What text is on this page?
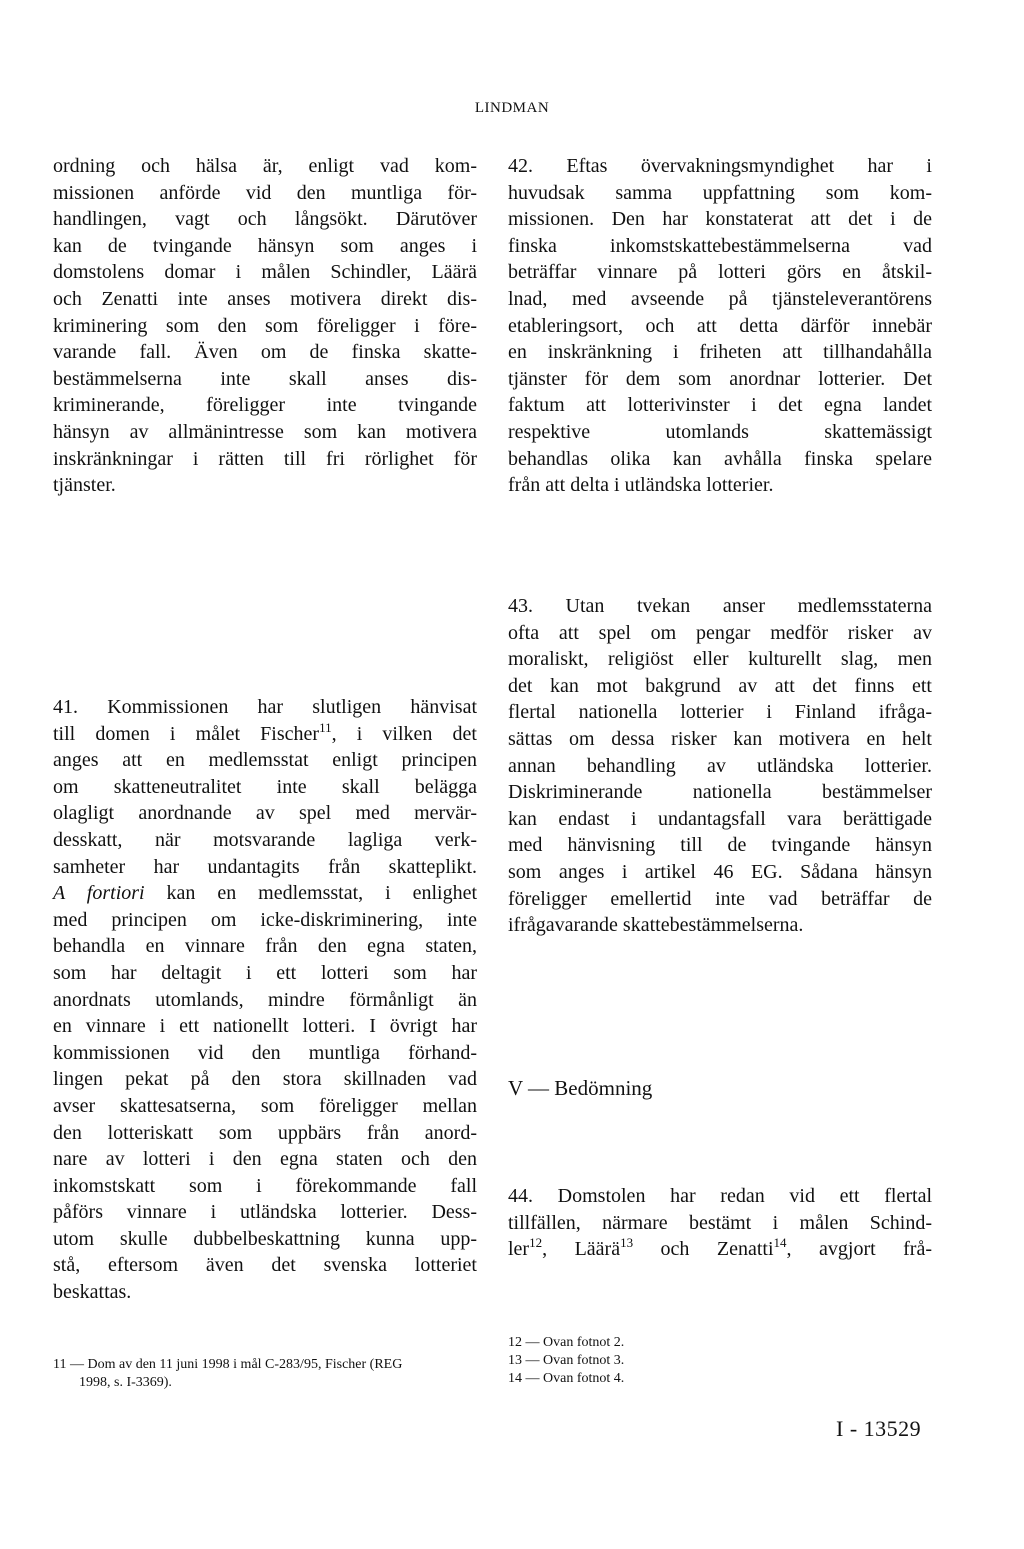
LINDMAN
ordning och hälsa är, enligt vad kom-
missionen anförde vid den muntliga för-
handlingen, vagt och långsökt. Därutöver
kan de tvingande hänsyn som anges i
domstolens domar i målen Schindler, Läärä
och Zenatti inte anses motivera direkt dis-
kriminering som den som föreligger i före-
varande fall. Även om de finska skatte-
bestämmelserna inte skall anses dis-
kriminerande, föreligger inte tvingande
hänsyn av allmänintresse som kan motivera
inskränkningar i rätten till fri rörlighet för
tjänster.
41. Kommissionen har slutligen hänvisat
till domen i målet Fischer$^{11}$, i vilken det
anges att en medlemsstat enligt principen
om skatteneutralitet inte skall belägga
olagligt anordnande av spel med mervär-
desskatt, när motsvarande lagliga verk-
samheter har undantagits från skatteplikt.
A fortiori kan en medlemsstat, i enlighet
med principen om icke-diskriminering, inte
behandla en vinnare från den egna staten,
som har deltagit i ett lotteri som har
anordnats utomlands, mindre förmånligt än
en vinnare i ett nationellt lotteri. I övrigt har
kommissionen vid den muntliga förhand-
lingen pekat på den stora skillnaden vad
avser skattesatserna, som föreligger mellan
den lotteriskatt som uppbärs från anord-
nare av lotteri i den egna staten och den
inkomstskatt som i förekommande fall
påförs vinnare i utländska lotterier. Dess-
utom skulle dubbelbeskattning kunna upp-
stå, eftersom även det svenska lotteriet
beskattas.
42. Eftas övervakningsmyndighet har i
huvudsak samma uppfattning som kom-
missionen. Den har konstaterat att det i de
finska inkomstskattebestämmelserna vad
beträffar vinnare på lotteri görs en åtskil-
lnad, med avseende på tjänsteleverantörens
etableringsort, och att detta därför innebär
en inskränkning i friheten att tillhandahålla
tjänster för dem som anordnar lotterier. Det
faktum att lotterivinster i det egna landet
respektive utomlands skattemässigt
behandlas olika kan avhålla finska spelare
från att delta i utländska lotterier.
43. Utan tvekan anser medlemsstaterna
ofta att spel om pengar medför risker av
moraliskt, religiöst eller kulturellt slag, men
det kan mot bakgrund av att det finns ett
flertal nationella lotterier i Finland ifråga-
sättas om dessa risker kan motivera en helt
annan behandling av utländska lotterier.
Diskriminerande nationella bestämmelser
kan endast i undantagsfall vara berättigade
med hänvisning till de tvingande hänsyn
som anges i artikel 46 EG. Sådana hänsyn
föreligger emellertid inte vad beträffar de
ifrågavarande skattebestämmelserna.
V — Bedömning
44. Domstolen har redan vid ett flertal
tillfällen, närmare bestämt i målen Schind-
ler$^{12}$, Läärä$^{13}$ och Zenatti$^{14}$, avgjort frå-
11 — Dom av den 11 juni 1998 i mål C-283/95, Fischer (REG
1998, s. I-3369).
12 — Ovan fotnot 2.
13 — Ovan fotnot 3.
14 — Ovan fotnot 4.
I - 13529
